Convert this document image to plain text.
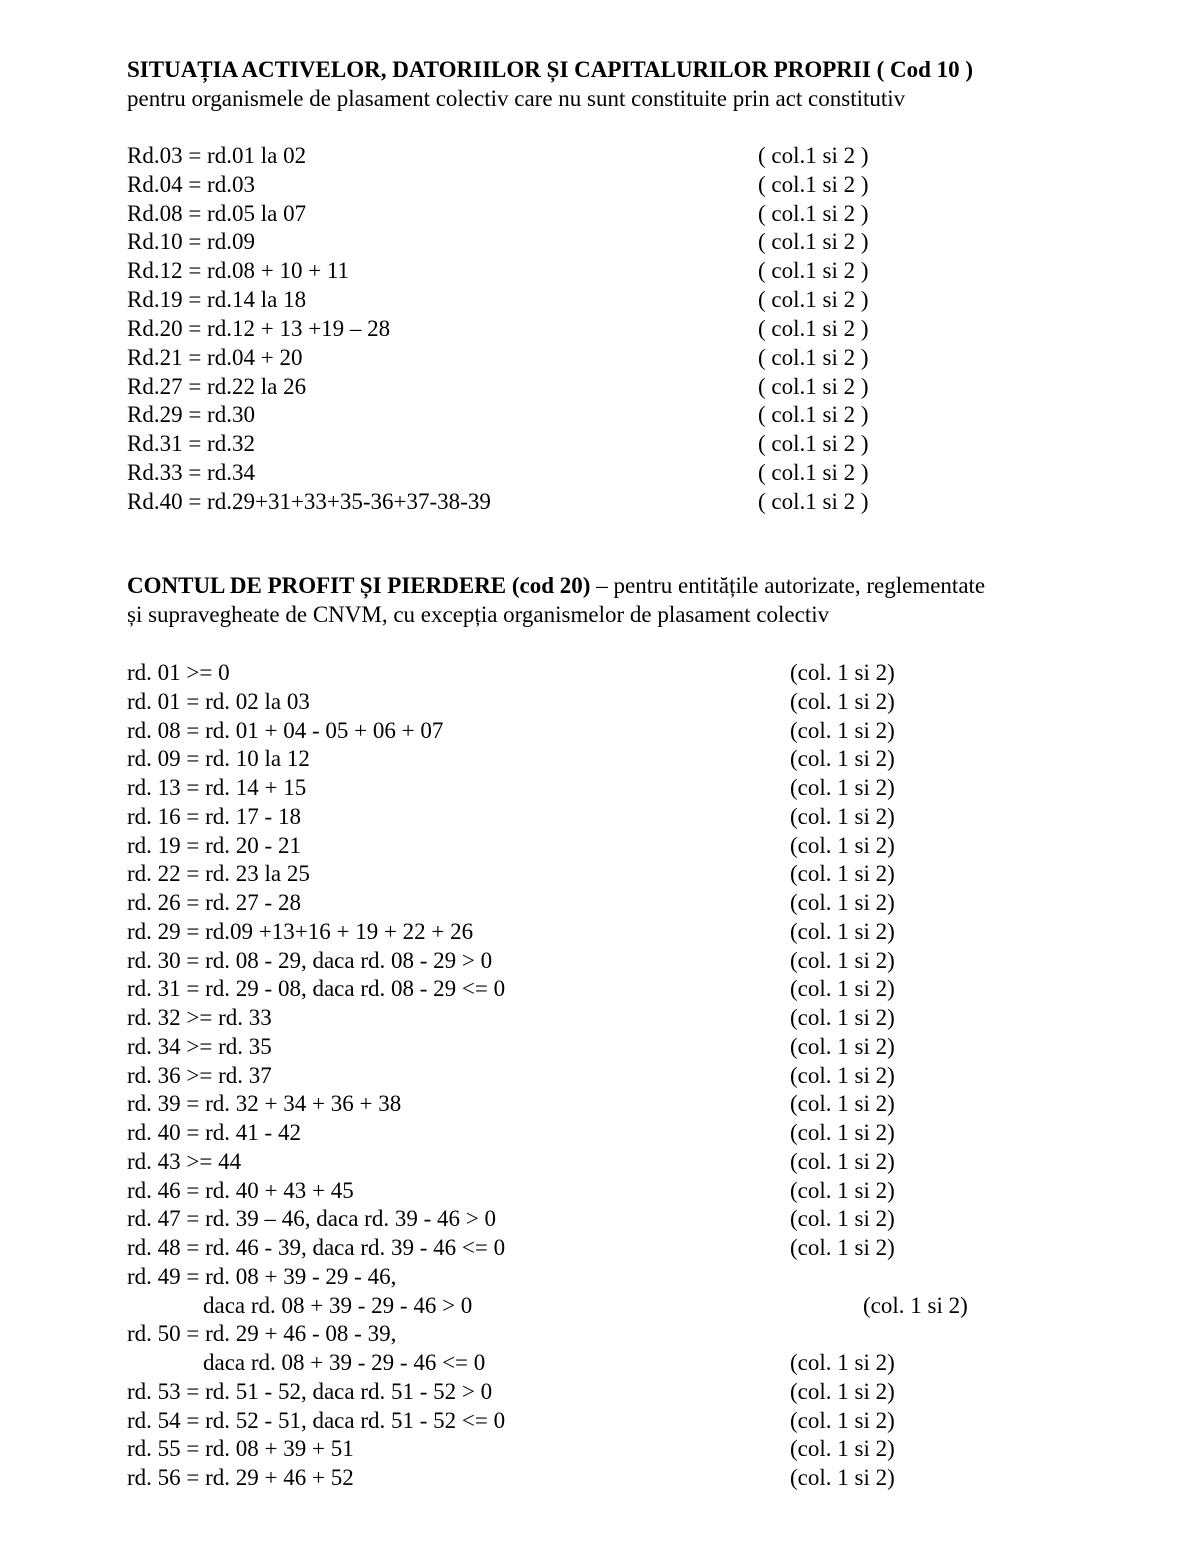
SITUAȚIA ACTIVELOR, DATORIILOR ȘI CAPITALURILOR PROPRII ( Cod 10 )
pentru organismele de plasament colectiv care nu sunt constituite prin act constitutiv
Rd.03 = rd.01 la 02	( col.1 si 2 )
Rd.04 = rd.03	( col.1 si 2 )
Rd.08 = rd.05 la 07	( col.1 si 2 )
Rd.10 = rd.09	( col.1 si 2 )
Rd.12 = rd.08 + 10 + 11	( col.1 si 2 )
Rd.19 = rd.14 la 18	( col.1 si 2 )
Rd.20 = rd.12 + 13 +19 – 28	( col.1 si 2 )
Rd.21 = rd.04 + 20	( col.1 si 2 )
Rd.27 = rd.22 la 26	( col.1 si 2 )
Rd.29 = rd.30	( col.1 si 2 )
Rd.31 = rd.32	( col.1 si 2 )
Rd.33 = rd.34	( col.1 si 2 )
Rd.40 = rd.29+31+33+35-36+37-38-39	( col.1 si 2 )
CONTUL DE PROFIT ȘI PIERDERE (cod 20) – pentru entitățile autorizate, reglementate
și supravegheate de CNVM, cu excepția organismelor de plasament colectiv
rd. 01 >= 0	(col. 1 si 2)
rd. 01 = rd. 02 la 03	(col. 1 si 2)
rd. 08 = rd. 01 + 04 - 05 + 06 + 07	(col. 1 si 2)
rd. 09 = rd. 10 la 12	(col. 1 si 2)
rd. 13 = rd. 14 + 15	(col. 1 si 2)
rd. 16 = rd. 17 - 18	(col. 1 si 2)
rd. 19 = rd. 20 - 21	(col. 1 si 2)
rd. 22 = rd. 23 la 25	(col. 1 si 2)
rd. 26 = rd. 27 - 28	(col. 1 si 2)
rd. 29 = rd.09 +13+16 + 19 + 22 + 26	(col. 1 si 2)
rd. 30 = rd. 08 - 29, daca rd. 08 - 29 > 0	(col. 1 si 2)
rd. 31 = rd. 29 - 08, daca rd. 08 - 29 <= 0	(col. 1 si 2)
rd. 32 >= rd. 33	(col. 1 si 2)
rd. 34 >= rd. 35	(col. 1 si 2)
rd. 36 >= rd. 37	(col. 1 si 2)
rd. 39 = rd. 32 + 34 + 36 + 38	(col. 1 si 2)
rd. 40 = rd. 41 - 42	(col. 1 si 2)
rd. 43 >= 44	(col. 1 si 2)
rd. 46 = rd. 40 + 43 + 45	(col. 1 si 2)
rd. 47 = rd. 39 – 46, daca rd. 39 - 46 > 0	(col. 1 si 2)
rd. 48 = rd. 46 - 39, daca rd. 39 - 46 <= 0	(col. 1 si 2)
rd. 49 = rd. 08 + 39 - 29 - 46,
daca rd. 08 + 39 - 29 - 46 > 0	(col. 1 si 2)
rd. 50 = rd. 29 + 46 - 08 - 39,
daca rd. 08 + 39 - 29 - 46 <= 0	(col. 1 si 2)
rd. 53 = rd. 51 - 52, daca rd. 51 - 52 > 0	(col. 1 si 2)
rd. 54 = rd. 52 - 51, daca rd. 51 - 52 <= 0	(col. 1 si 2)
rd. 55 = rd. 08 + 39 + 51	(col. 1 si 2)
rd. 56 = rd. 29 + 46 + 52	(col. 1 si 2)
